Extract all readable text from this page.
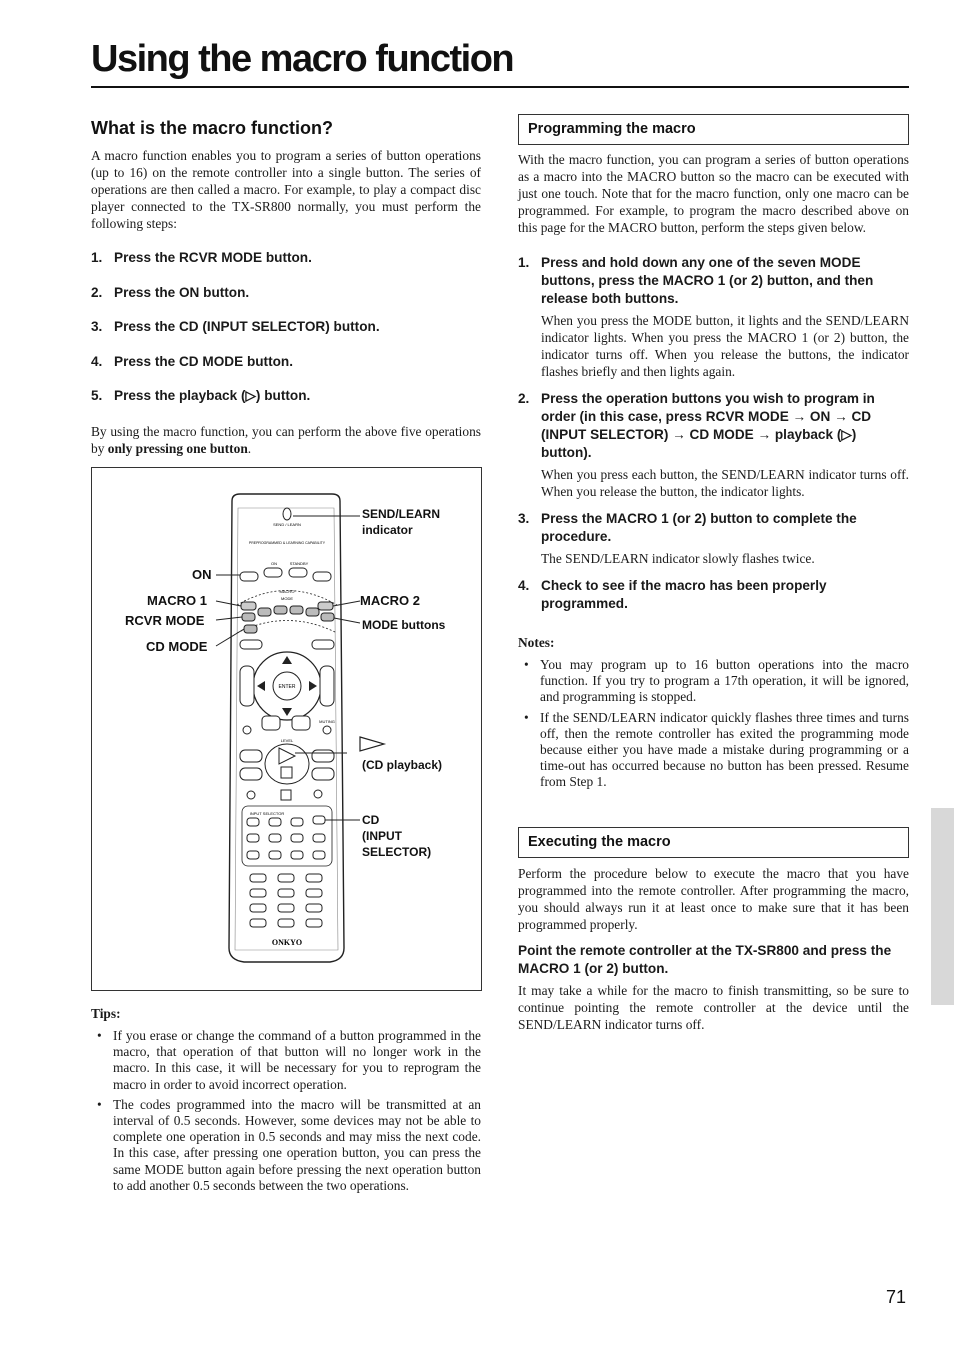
Using the macro function
What is the macro function?

A macro function enables you to program a series of button operations (up to 16) on the remote controller into a single button. The series of operations are then called a macro. For example, to play a compact disc player connected to the TX-SR800 normally, you must perform the following steps:

1. Press the RCVR MODE button.
2. Press the ON button.
3. Press the CD (INPUT SELECTOR) button.
4. Press the CD MODE button.
5. Press the playback (▷) button.

By using the macro function, you can perform the above five operations by only pressing one button.

SEND / LEARN
PREPROGRAMMED & LEARNING CAPABILITY
ON	STANDBY
MACRO
MODE
ENTER
MUTING
LEVEL
INPUT SELECTOR
ONKYO
SEND/LEARN
indicator
ON
MACRO 1
RCVR MODE
CD MODE
MACRO 2
MODE buttons
(CD playback)
CD
(INPUT
SELECTOR)
Tips:
• If you erase or change the command of a button programmed in the macro, that operation of that button will no longer work in the macro. In this case, it will be necessary for you to reprogram the macro in order to avoid incorrect operation.
• The codes programmed into the macro will be transmitted at an interval of 0.5 seconds. However, some devices may not be able to complete one operation in 0.5 seconds and may miss the next code. In this case, after pressing one operation button, you can press the same MODE button again before pressing the next operation button to add another 0.5 seconds between the two operations.
Programming the macro

With the macro function, you can program a series of button operations as a macro into the MACRO button so the macro can be executed with just one touch. Note that for the macro function, only one macro can be programmed. For example, to program the macro described above on this page for the MACRO button, perform the steps given below.

1. Press and hold down any one of the seven MODE buttons, press the MACRO 1 (or 2) button, and then release both buttons.
When you press the MODE button, it lights and the SEND/LEARN indicator lights. When you press the MACRO 1 (or 2) button, the indicator turns off. When you release the buttons, the indicator flashes briefly and then lights again.
2. Press the operation buttons you wish to program in order (in this case, press RCVR MODE → ON → CD (INPUT SELECTOR) → CD MODE → playback (▷) button).
When you press each button, the SEND/LEARN indicator turns off. When you release the button, the indicator lights.
3. Press the MACRO 1 (or 2) button to complete the procedure.
The SEND/LEARN indicator slowly flashes twice.
4. Check to see if the macro has been properly programmed.
Notes:
• You may program up to 16 button operations into the macro function. If you try to program a 17th operation, it will be ignored, and programming is stopped.
• If the SEND/LEARN indicator quickly flashes three times and turns off, then the remote controller has exited the programming mode because either you have made a mistake during programming or a time-out has occurred because no button has been pressed. Resume from Step 1.
Executing the macro

Perform the procedure below to execute the macro that you have programmed into the remote controller. After programming the macro, you should always run it at least once to make sure that it has been programmed properly.

Point the remote controller at the TX-SR800 and press the MACRO 1 (or 2) button.

It may take a while for the macro to finish transmitting, so be sure to continue pointing the remote controller at the device until the SEND/LEARN indicator turns off.

71
